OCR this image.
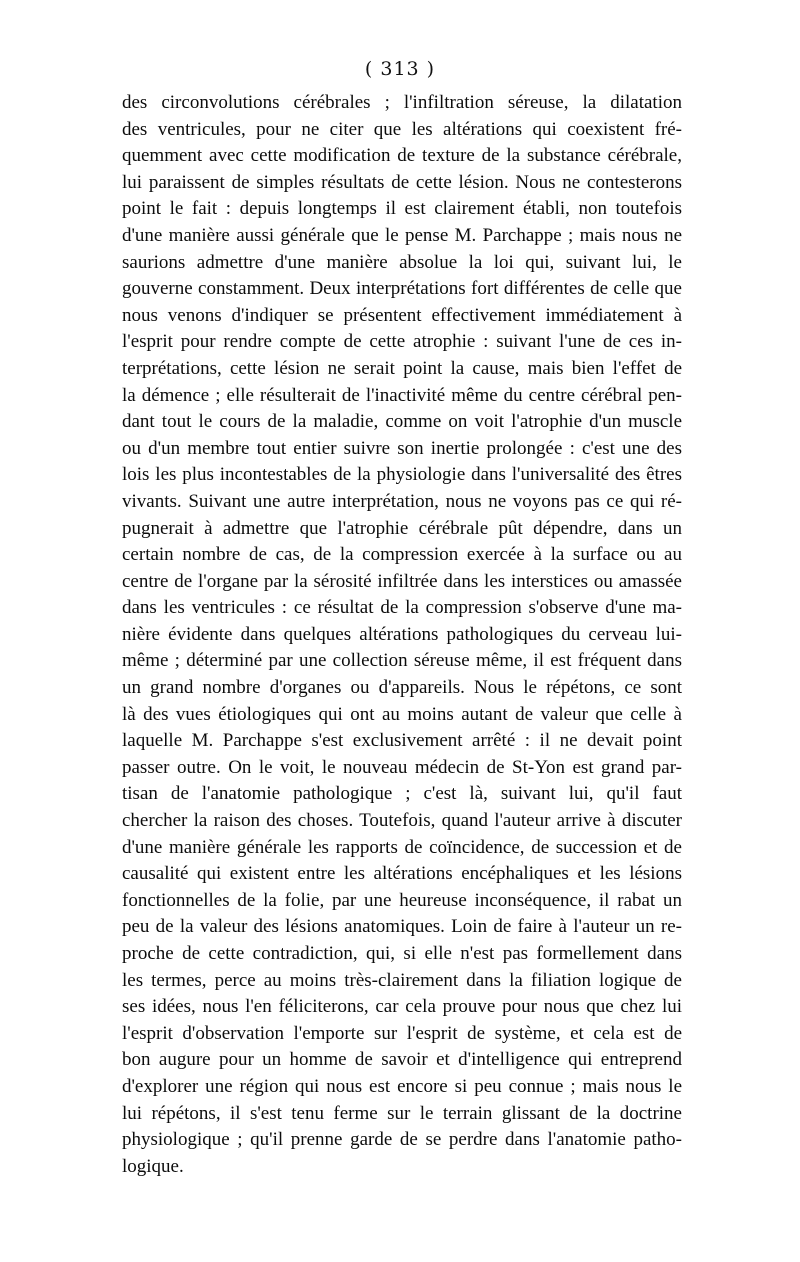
( 313 )
des circonvolutions cérébrales ; l'infiltration séreuse, la dilatation
des ventricules, pour ne citer que les altérations qui coexistent fré-
quemment avec cette modification de texture de la substance cérébrale,
lui paraissent de simples résultats de cette lésion. Nous ne contesterons
point le fait : depuis longtemps il est clairement établi, non toutefois
d'une manière aussi générale que le pense M. Parchappe ; mais nous ne
saurions admettre d'une manière absolue la loi qui, suivant lui, le
gouverne constamment. Deux interprétations fort différentes de celle que
nous venons d'indiquer se présentent effectivement immédiatement à
l'esprit pour rendre compte de cette atrophie : suivant l'une de ces in-
terprétations, cette lésion ne serait point la cause, mais bien l'effet de
la démence ; elle résulterait de l'inactivité même du centre cérébral pen-
dant tout le cours de la maladie, comme on voit l'atrophie d'un muscle
ou d'un membre tout entier suivre son inertie prolongée : c'est une des
lois les plus incontestables de la physiologie dans l'universalité des êtres
vivants. Suivant une autre interprétation, nous ne voyons pas ce qui ré-
pugnerait à admettre que l'atrophie cérébrale pût dépendre, dans un
certain nombre de cas, de la compression exercée à la surface ou au
centre de l'organe par la sérosité infiltrée dans les interstices ou amassée
dans les ventricules : ce résultat de la compression s'observe d'une ma-
nière évidente dans quelques altérations pathologiques du cerveau lui-
même ; déterminé par une collection séreuse même, il est fréquent dans
un grand nombre d'organes ou d'appareils. Nous le répétons, ce sont
là des vues étiologiques qui ont au moins autant de valeur que celle à
laquelle M. Parchappe s'est exclusivement arrêté : il ne devait point
passer outre. On le voit, le nouveau médecin de St-Yon est grand par-
tisan de l'anatomie pathologique ; c'est là, suivant lui, qu'il faut
chercher la raison des choses. Toutefois, quand l'auteur arrive à discuter
d'une manière générale les rapports de coïncidence, de succession et de
causalité qui existent entre les altérations encéphaliques et les lésions
fonctionnelles de la folie, par une heureuse inconséquence, il rabat un
peu de la valeur des lésions anatomiques. Loin de faire à l'auteur un re-
proche de cette contradiction, qui, si elle n'est pas formellement dans
les termes, perce au moins très-clairement dans la filiation logique de
ses idées, nous l'en féliciterons, car cela prouve pour nous que chez lui
l'esprit d'observation l'emporte sur l'esprit de système, et cela est de
bon augure pour un homme de savoir et d'intelligence qui entreprend
d'explorer une région qui nous est encore si peu connue ; mais nous le
lui répétons, il s'est tenu ferme sur le terrain glissant de la doctrine
physiologique ; qu'il prenne garde de se perdre dans l'anatomie patho-
logique.
